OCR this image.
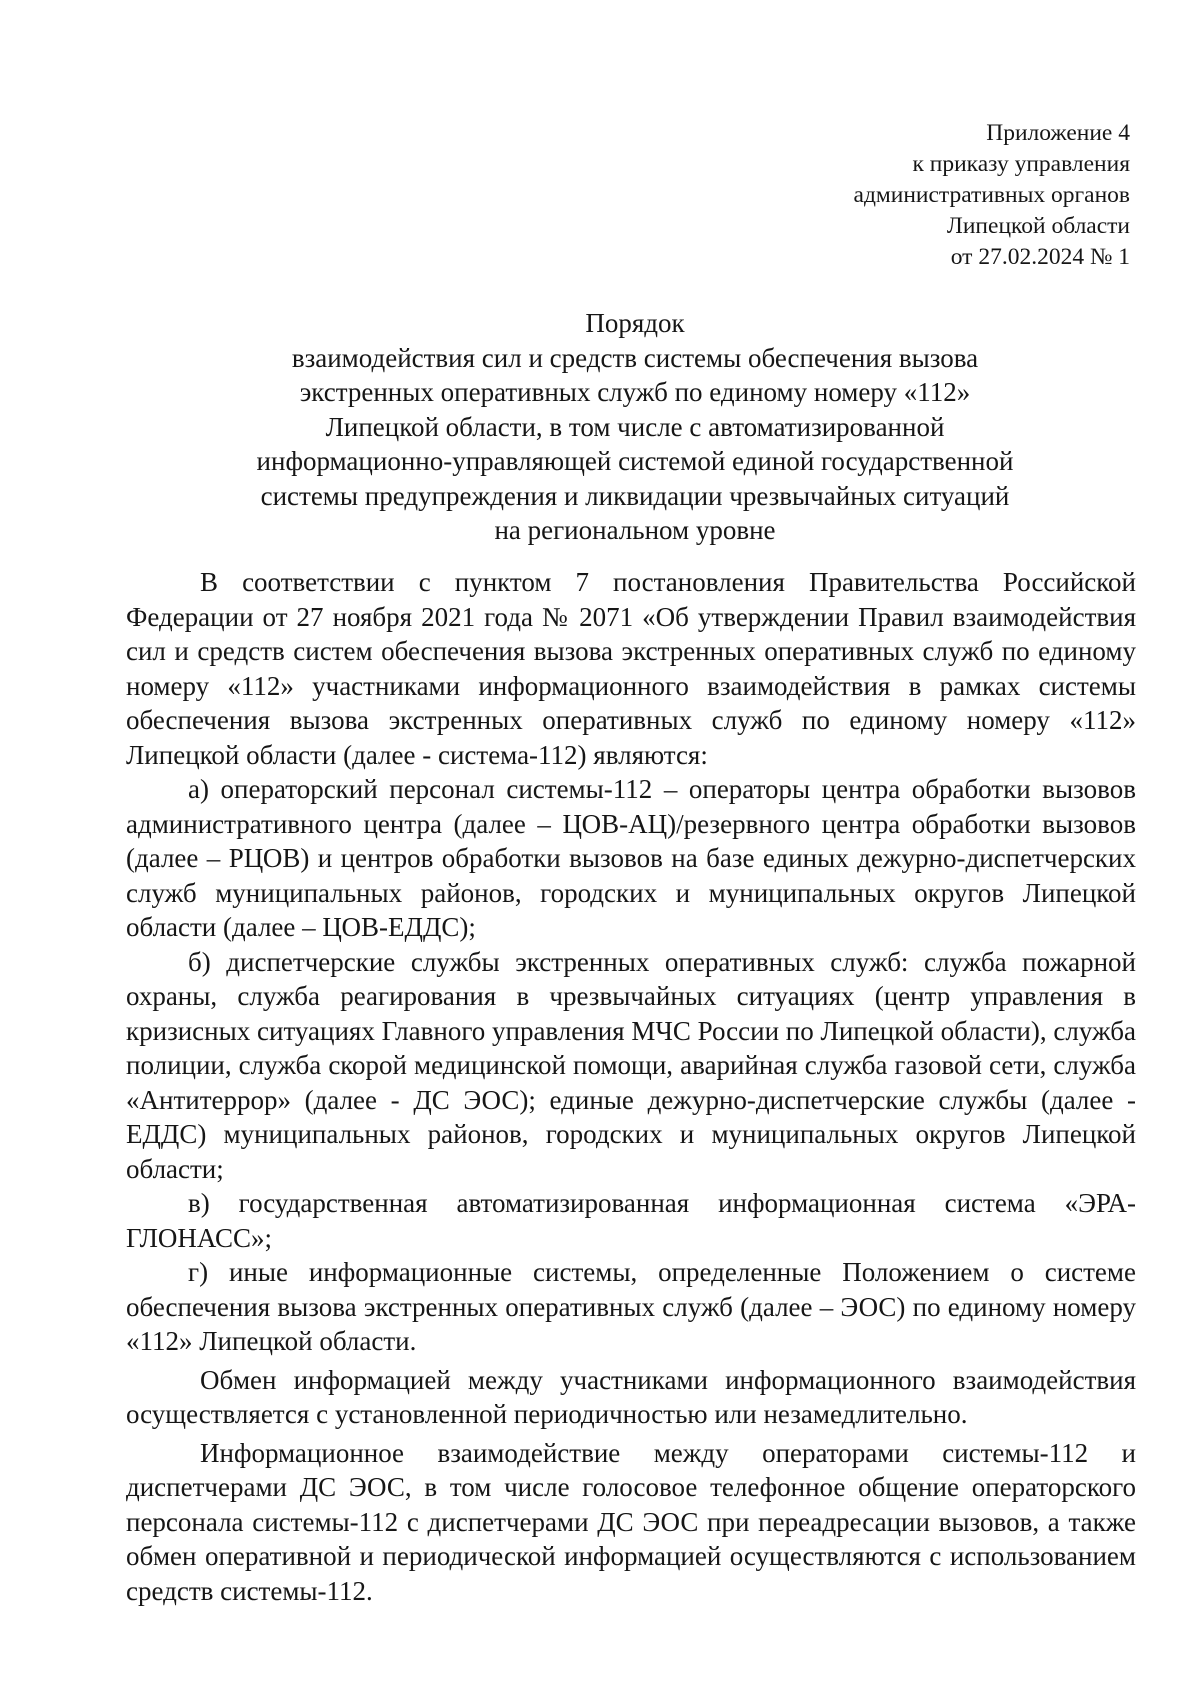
Приложение 4
к приказу управления
административных органов
Липецкой области
от 27.02.2024 № 1
Порядок
взаимодействия сил и средств системы обеспечения вызова
экстренных оперативных служб по единому номеру «112»
Липецкой области, в том числе с автоматизированной
информационно-управляющей системой единой государственной
системы предупреждения и ликвидации чрезвычайных ситуаций
на региональном уровне

В соответствии с пунктом 7 постановления Правительства Российской Федерации от 27 ноября 2021 года № 2071 «Об утверждении Правил взаимодействия сил и средств систем обеспечения вызова экстренных оперативных служб по единому номеру «112» участниками информационного взаимодействия в рамках системы обеспечения вызова экстренных оперативных служб по единому номеру «112» Липецкой области (далее - система-112) являются:

а) операторский персонал системы-112 – операторы центра обработки вызовов административного центра (далее – ЦОВ-АЦ)/резервного центра обработки вызовов (далее – РЦОВ) и центров обработки вызовов на базе единых дежурно-диспетчерских служб муниципальных районов, городских и муниципальных округов Липецкой области (далее – ЦОВ-ЕДДС);

б) диспетчерские службы экстренных оперативных служб: служба пожарной охраны, служба реагирования в чрезвычайных ситуациях (центр управления в кризисных ситуациях Главного управления МЧС России по Липецкой области), служба полиции, служба скорой медицинской помощи, аварийная служба газовой сети, служба «Антитеррор» (далее - ДС ЭОС); единые дежурно-диспетчерские службы (далее - ЕДДС) муниципальных районов, городских и муниципальных округов Липецкой области;

в) государственная автоматизированная информационная система «ЭРА-ГЛОНАСС»;

г) иные информационные системы, определенные Положением о системе обеспечения вызова экстренных оперативных служб (далее – ЭОС) по единому номеру «112» Липецкой области.

Обмен информацией между участниками информационного взаимодействия осуществляется с установленной периодичностью или незамедлительно.

Информационное взаимодействие между операторами системы-112 и диспетчерами ДС ЭОС, в том числе голосовое телефонное общение операторского персонала системы-112 с диспетчерами ДС ЭОС при переадресации вызовов, а также обмен оперативной и периодической информацией осуществляются с использованием средств системы-112.
